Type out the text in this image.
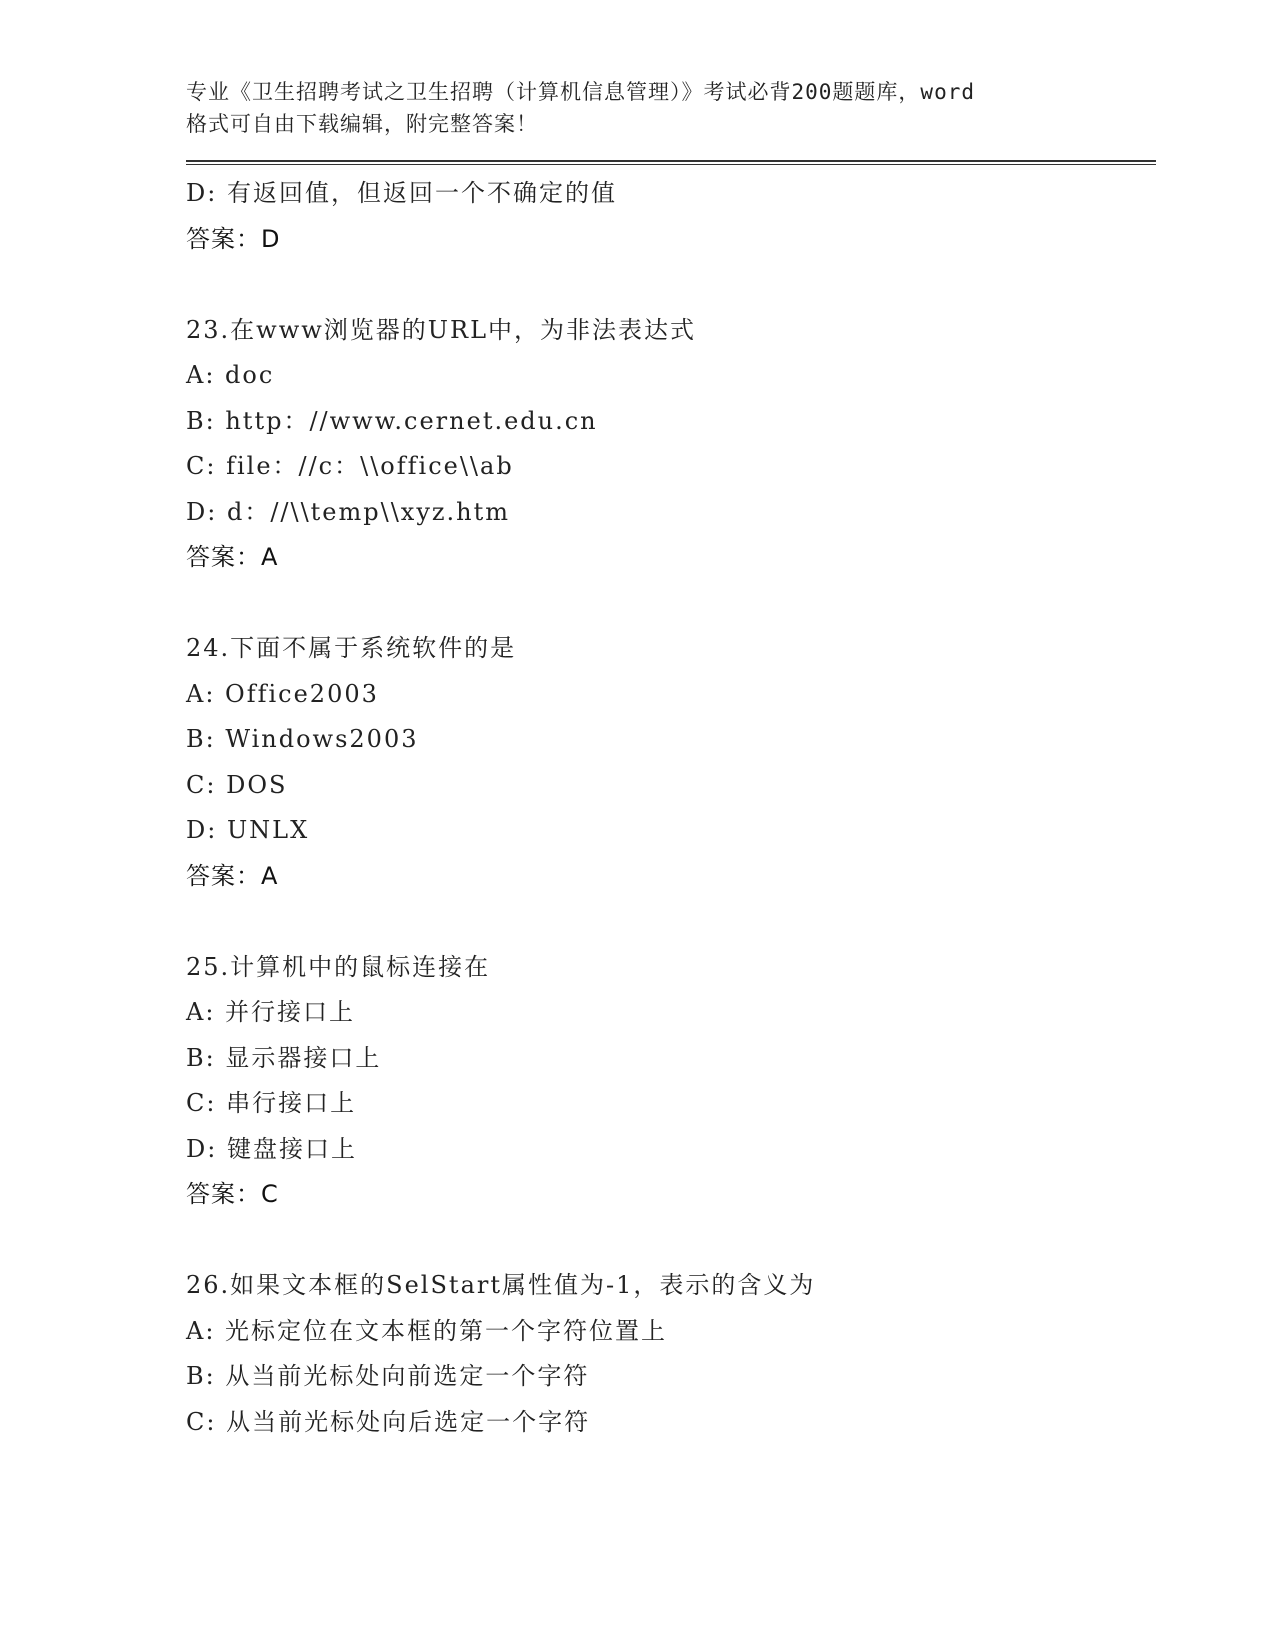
专业《卫生招聘考试之卫生招聘（计算机信息管理）》考试必背200题题库，word
格式可自由下载编辑，附完整答案！
D: 有返回值，但返回一个不确定的值
答案：D
23.在www浏览器的URL中，为非法表达式
A: doc
B: http：//www.cernet.edu.cn
C: file：//c：\\office\\ab
D: d：//\\temp\\xyz.htm
答案：A
24.下面不属于系统软件的是
A: Office2003
B: Windows2003
C: DOS
D: UNLX
答案：A
25.计算机中的鼠标连接在
A: 并行接口上
B: 显示器接口上
C: 串行接口上
D: 键盘接口上
答案：C
26.如果文本框的SelStart属性值为-1，表示的含义为
A: 光标定位在文本框的第一个字符位置上
B: 从当前光标处向前选定一个字符
C: 从当前光标处向后选定一个字符
